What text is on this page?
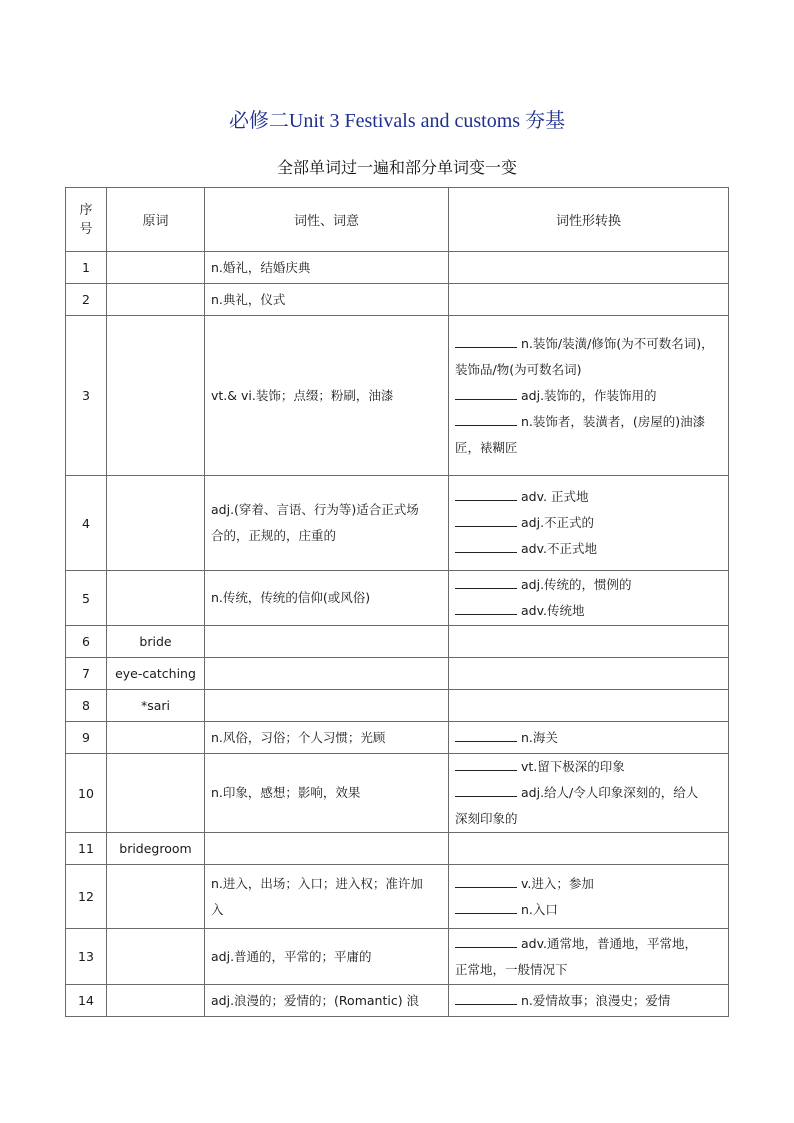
必修二Unit 3 Festivals and customs 夯基
全部单词过一遍和部分单词变一变
序
号	原词	词性、词意	词性形转换
1		n.婚礼，结婚庆典	

2		n.典礼，仪式	

3		vt.& vi.装饰；点缀；粉刷，油漆	n.装饰/装潢/修饰(为不可数名词)，
装饰品/物(为可数名词)
adj.装饰的，作装饰用的
n.装饰者，装潢者，(房屋的)油漆
匠，裱糊匠

4		adj.(穿着、言语、行为等)适合正式场
合的，正规的，庄重的	adv. 正式地
adj.不正式的
adv.不正式地

5		n.传统，传统的信仰(或风俗)	adj.传统的，惯例的
adv.传统地

6	bride		
7	eye-catching		
8	*sari		
9		n.风俗，习俗；个人习惯；光顾	n.海关

10		n.印象，感想；影响，效果	vt.留下极深的印象
adj.给人/令人印象深刻的，给人
深刻印象的

11	bridegroom		
12		n.进入，出场；入口；进入权；准许加
入	v.进入；参加
n.入口

13		adj.普通的，平常的；平庸的	adv.通常地，普通地，平常地，
正常地，一般情况下

14		adj.浪漫的；爱情的；(Romantic) 浪	n.爱情故事；浪漫史；爱情
